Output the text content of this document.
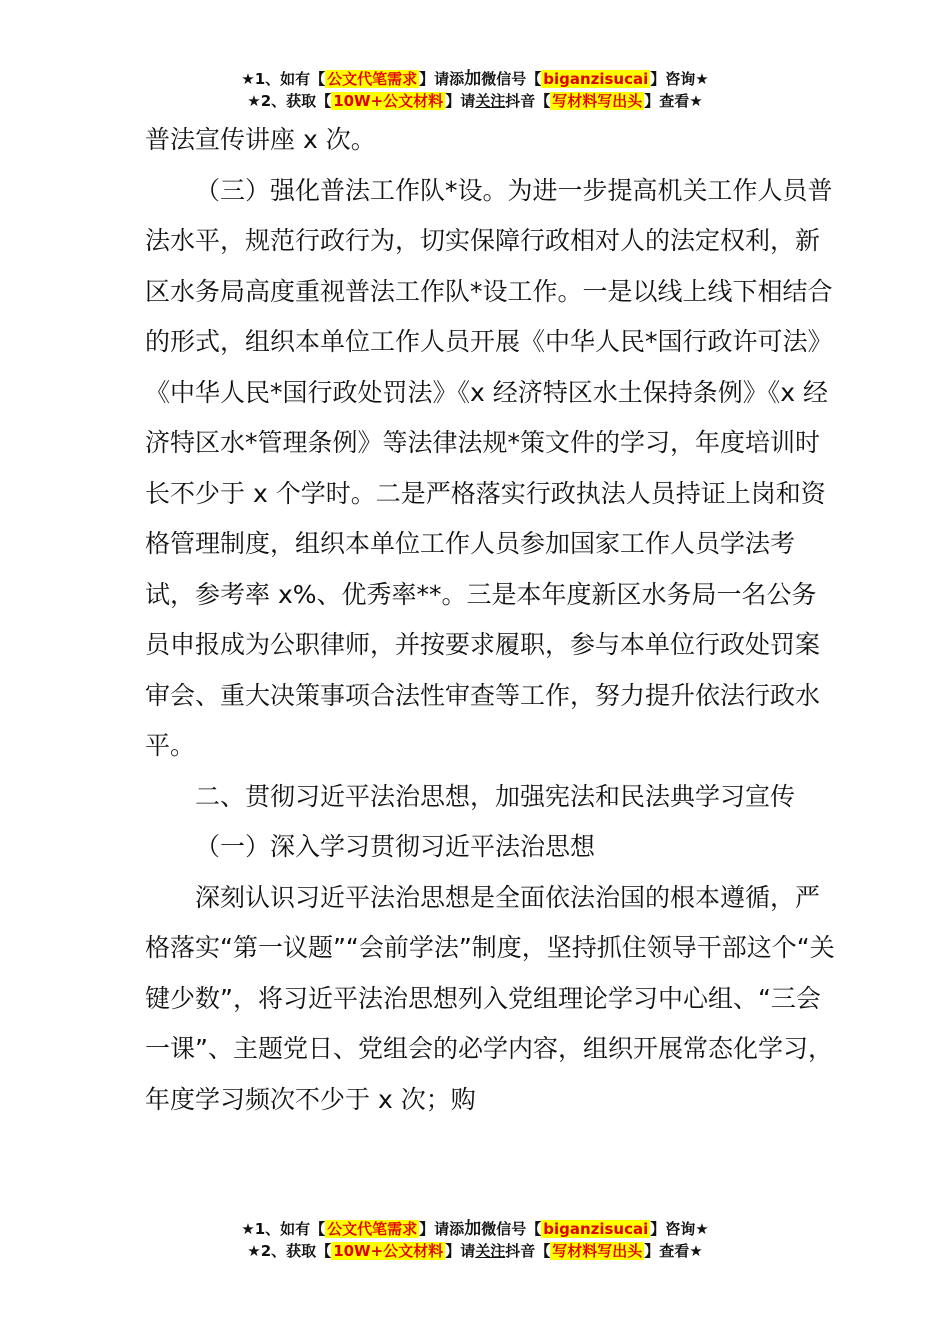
★1、如有【 公文代笔需求 】请添加微信号【 biganzisucai 】咨询★
★2、获取【 10W+公文材料 】请关注抖音【 写材料写出头 】查看★

普法宣传讲座 x 次。

（三）强化普法工作队*设。为进一步提高机关工作人员普法水平，规范行政行为，切实保障行政相对人的法定权利，新区水务局高度重视普法工作队*设工作。一是以线上线下相结合的形式，组织本单位工作人员开展《中华人民*国行政许可法》《中华人民*国行政处罚法》《x 经济特区水土保持条例》《x 经济特区水*管理条例》等法律法规*策文件的学习，年度培训时长不少于 x 个学时。二是严格落实行政执法人员持证上岗和资格管理制度，组织本单位工作人员参加国家工作人员学法考试，参考率 x%、优秀率**。三是本年度新区水务局一名公务员申报成为公职律师，并按要求履职，参与本单位行政处罚案审会、重大决策事项合法性审查等工作，努力提升依法行政水平。

二、贯彻习近平法治思想，加强宪法和民法典学习宣传

（一）深入学习贯彻习近平法治思想

深刻认识习近平法治思想是全面依法治国的根本遵循，严格落实“第一议题”“会前学法”制度，坚持抓住领导干部这个“关键少数”，将习近平法治思想列入党组理论学习中心组、“三会一课”、主题党日、党组会的必学内容，组织开展常态化学习，年度学习频次不少于 x 次；购

★1、如有【 公文代笔需求 】请添加微信号【 biganzisucai 】咨询★
★2、获取【 10W+公文材料 】请关注抖音【 写材料写出头 】查看★
